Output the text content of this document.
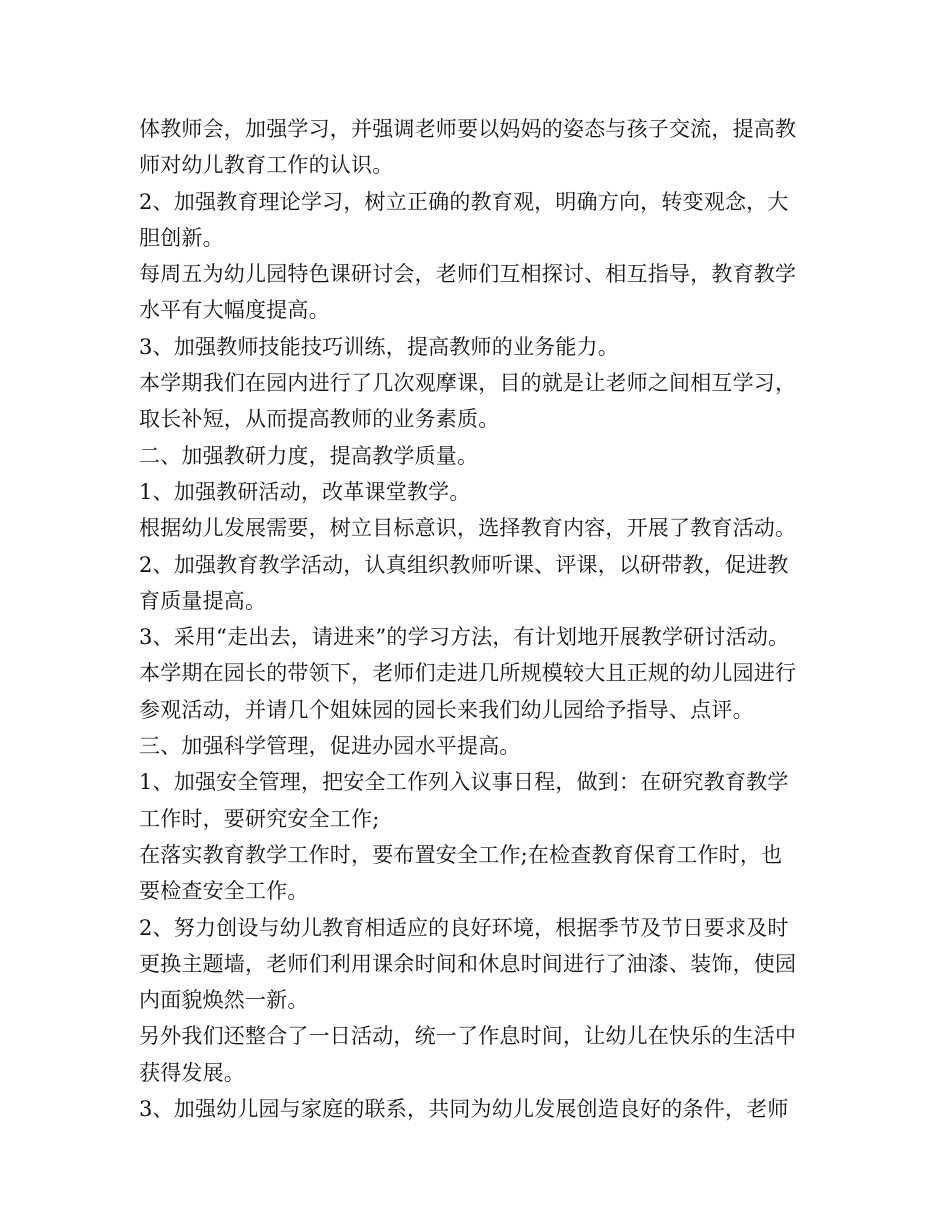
体教师会，加强学习，并强调老师要以妈妈的姿态与孩子交流，提高教
师对幼儿教育工作的认识。
2、加强教育理论学习，树立正确的教育观，明确方向，转变观念，大
胆创新。
每周五为幼儿园特色课研讨会，老师们互相探讨、相互指导，教育教学
水平有大幅度提高。
3、加强教师技能技巧训练，提高教师的业务能力。
本学期我们在园内进行了几次观摩课，目的就是让老师之间相互学习，
取长补短，从而提高教师的业务素质。
二、加强教研力度，提高教学质量。
1、加强教研活动，改革课堂教学。
根据幼儿发展需要，树立目标意识，选择教育内容，开展了教育活动。
2、加强教育教学活动，认真组织教师听课、评课，以研带教，促进教
育质量提高。
3、采用“走出去，请进来”的学习方法，有计划地开展教学研讨活动。
本学期在园长的带领下，老师们走进几所规模较大且正规的幼儿园进行
参观活动，并请几个姐妹园的园长来我们幼儿园给予指导、点评。
三、加强科学管理，促进办园水平提高。
1、加强安全管理，把安全工作列入议事日程，做到：在研究教育教学
工作时，要研究安全工作;
在落实教育教学工作时，要布置安全工作;在检查教育保育工作时，也
要检查安全工作。
2、努力创设与幼儿教育相适应的良好环境，根据季节及节日要求及时
更换主题墙，老师们利用课余时间和休息时间进行了油漆、装饰，使园
内面貌焕然一新。
另外我们还整合了一日活动，统一了作息时间，让幼儿在快乐的生活中
获得发展。
3、加强幼儿园与家庭的联系，共同为幼儿发展创造良好的条件，老师
